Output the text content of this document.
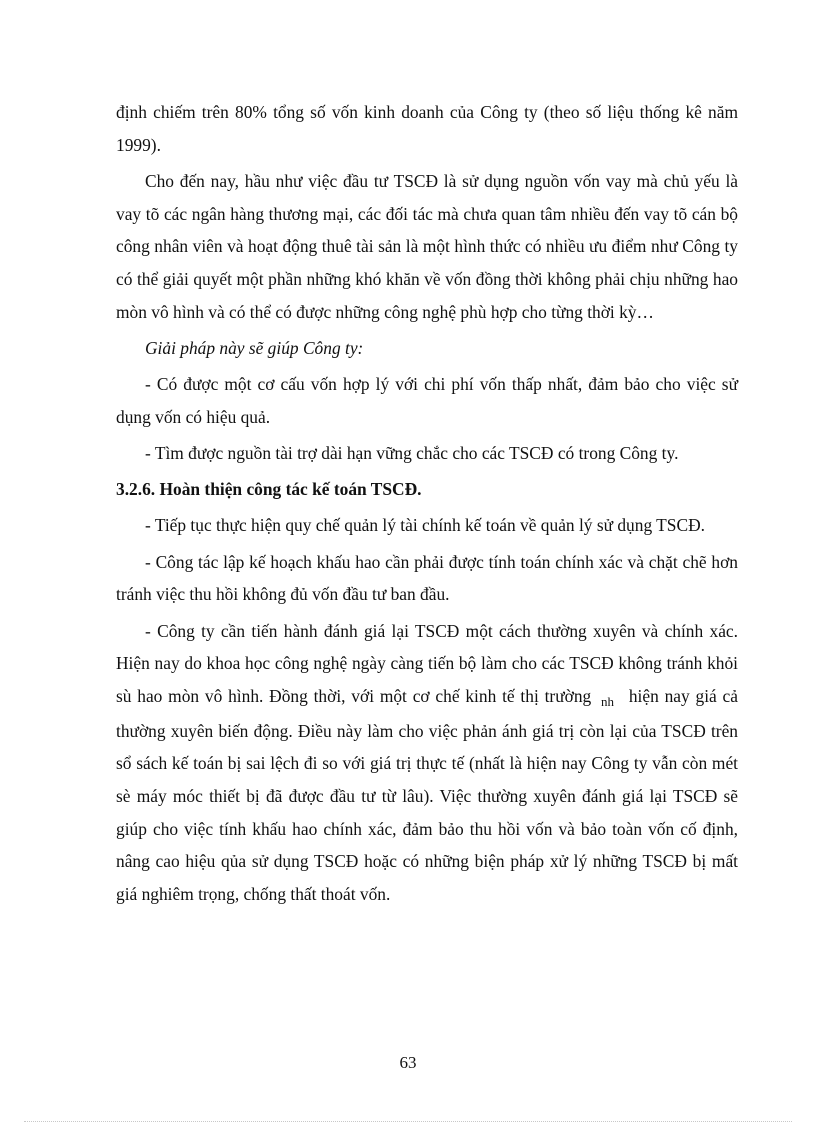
định chiếm trên 80% tổng số vốn kinh doanh của Công ty (theo số liệu thống kê năm 1999).

Cho đến nay, hầu như việc đầu tư TSCĐ là sử dụng nguồn vốn vay mà chủ yếu là vay tõ các ngân hàng thương mại, các đối tác mà chưa quan tâm nhiều đến vay tõ cán bộ công nhân viên và hoạt động thuê tài sản là một hình thức có nhiều ưu điểm như Công ty có thể giải quyết một phần những khó khăn về vốn đồng thời không phải chịu những hao mòn vô hình và có thể có được những công nghệ phù hợp cho từng thời kỳ…

Giải pháp này sẽ giúp Công ty:

- Có được một cơ cấu vốn hợp lý với chi phí vốn thấp nhất, đảm bảo cho việc sử dụng vốn có hiệu quả.

- Tìm được nguồn tài trợ dài hạn vững chắc cho các TSCĐ có trong Công ty.

3.2.6. Hoàn thiện công tác kế toán TSCĐ.

- Tiếp tục thực hiện quy chế quản lý tài chính kế toán về quản lý sử dụng TSCĐ.

- Công tác lập kế hoạch khấu hao cần phải được tính toán chính xác và chặt chẽ hơn tránh việc thu hồi không đủ vốn đầu tư ban đầu.

- Công ty cần tiến hành đánh giá lại TSCĐ một cách thường xuyên và chính xác. Hiện nay do khoa học công nghệ ngày càng tiến bộ làm cho các TSCĐ không tránh khỏi sù hao mòn vô hình. Đồng thời, với một cơ chế kinh tế thị trường $_{nh}$ hiện nay giá cả thường xuyên biến động. Điều này làm cho việc phản ánh giá trị còn lại của TSCĐ trên sổ sách kế toán bị sai lệch đi so với giá trị thực tế (nhất là hiện nay Công ty vẫn còn mét sè máy móc thiết bị đã được đầu tư từ lâu). Việc thường xuyên đánh giá lại TSCĐ sẽ giúp cho việc tính khấu hao chính xác, đảm bảo thu hồi vốn và bảo toàn vốn cố định, nâng cao hiệu qủa sử dụng TSCĐ hoặc có những biện pháp xử lý những TSCĐ bị mất giá nghiêm trọng, chống thất thoát vốn.

63
